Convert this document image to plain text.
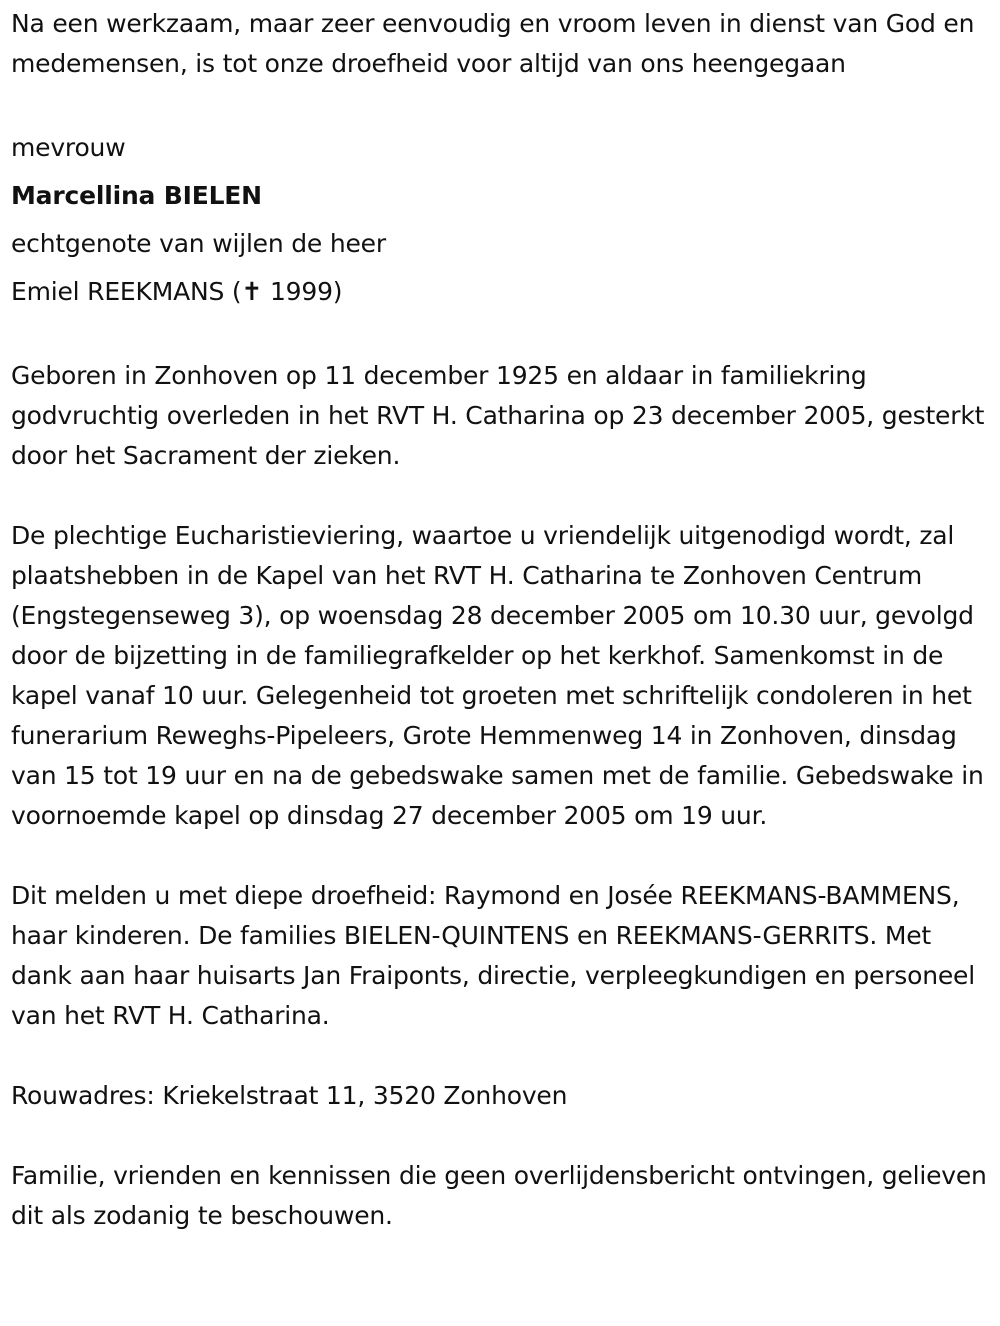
Na een werkzaam, maar zeer eenvoudig en vroom leven in dienst van God en medemensen, is tot onze droefheid voor altijd van ons heengegaan

mevrouw

Marcellina BIELEN

echtgenote van wijlen de heer

Emiel REEKMANS (✝ 1999)

Geboren in Zonhoven op 11 december 1925 en aldaar in familiekring godvruchtig overleden in het RVT H. Catharina op 23 december 2005, gesterkt door het Sacrament der zieken.

De plechtige Eucharistieviering, waartoe u vriendelijk uitgenodigd wordt, zal plaatshebben in de Kapel van het RVT H. Catharina te Zonhoven Centrum (Engstegenseweg 3), op woensdag 28 december 2005 om 10.30 uur, gevolgd door de bijzetting in de familiegrafkelder op het kerkhof. Samenkomst in de kapel vanaf 10 uur. Gelegenheid tot groeten met schriftelijk condoleren in het funerarium Reweghs-Pipeleers, Grote Hemmenweg 14 in Zonhoven, dinsdag van 15 tot 19 uur en na de gebedswake samen met de familie. Gebedswake in voornoemde kapel op dinsdag 27 december 2005 om 19 uur.

Dit melden u met diepe droefheid: Raymond en Josée REEKMANS-BAMMENS, haar kinderen. De families BIELEN-QUINTENS en REEKMANS-GERRITS. Met dank aan haar huisarts Jan Fraiponts, directie, verpleegkundigen en personeel van het RVT H. Catharina.

Rouwadres: Kriekelstraat 11, 3520 Zonhoven

Familie, vrienden en kennissen die geen overlijdensbericht ontvingen, gelieven dit als zodanig te beschouwen.
